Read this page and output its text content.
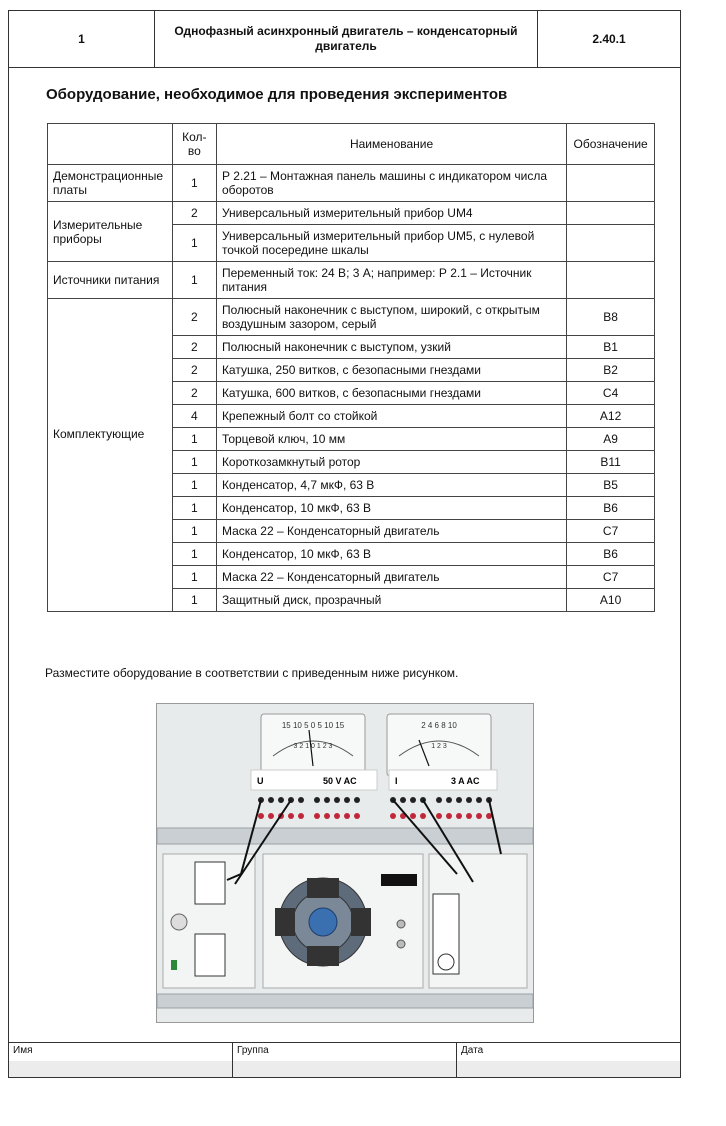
1
Однофазный асинхронный двигатель – конденсаторный двигатель
2.40.1
Оборудование, необходимое для проведения экспериментов
	Кол-во	Наименование	Обозначение
Демонстрационные платы	1	Р 2.21 – Монтажная панель машины с индикатором числа оборотов	
Измерительные приборы	2	Универсальный измерительный прибор UM4	
	1	Универсальный измерительный прибор UM5, с нулевой точкой посередине шкалы	
Источники питания	1	Переменный ток: 24 В; 3 А; например: Р 2.1 – Источник питания	
Комплектующие	2	Полюсный наконечник с выступом, широкий, с открытым воздушным зазором, серый	B8
	2	Полюсный наконечник с выступом, узкий	B1
	2	Катушка, 250 витков, с безопасными гнездами	B2
	2	Катушка, 600 витков, с безопасными гнездами	C4
	4	Крепежный болт со стойкой	A12
	1	Торцевой ключ, 10 мм	A9
	1	Короткозамкнутый ротор	B11
	1	Конденсатор, 4,7 мкФ, 63 В	B5
	1	Конденсатор, 10 мкФ, 63 В	B6
	1	Маска 22 – Конденсаторный двигатель	C7
	1	Конденсатор, 10 мкФ, 63 В	B6
	1	Маска 22 – Конденсаторный двигатель	C7
	1	Защитный диск, прозрачный	A10
Разместите оборудование в соответствии с приведенным ниже рисунком.
15 10 5 0 5 10 15
3 2 1 0 1 2 3
2 4 6 8 10
1 2 3
U	50 V AC	I	3 A AC
Имя	Группа	Дата
